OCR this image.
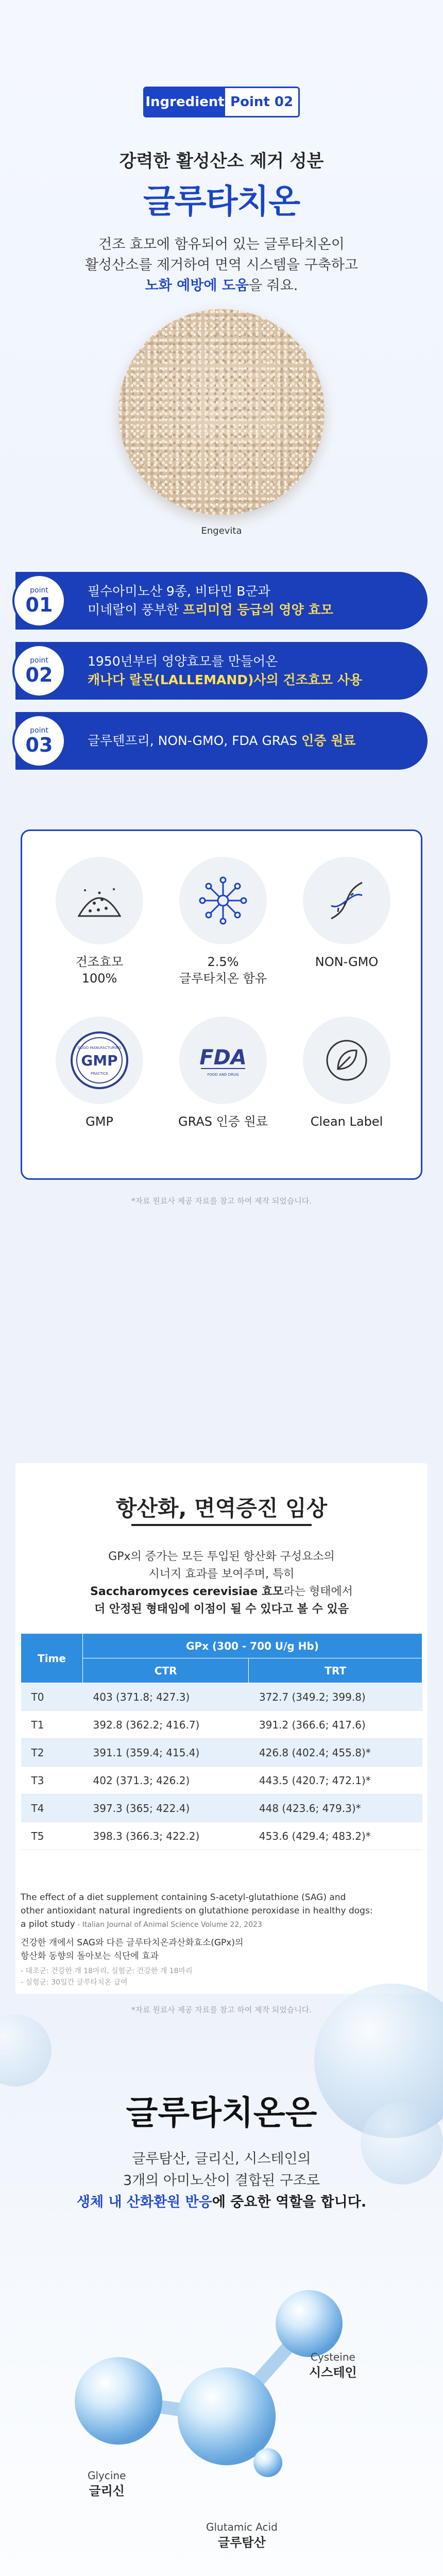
Ingredient Point 02
강력한 활성산소 제거 성분
글루타치온
건조 효모에 함유되어 있는 글루타치온이
활성산소를 제거하여 면역 시스템을 구축하고
노화 예방에 도움을 줘요.
Engevita
point
01
필수아미노산 9종, 비타민 B군과
미네랄이 풍부한 프리미엄 등급의 영양 효모
point
02
1950년부터 영양효모를 만들어온
캐나다 랄몬(LALLEMAND)사의 건조효모 사용
point
03	글루텐프리, NON-GMO, FDA GRAS 인증 원료
건조효모
100%
2.5%
글루타치온 함유
NON-GMO
GMP
GOOD MANUFACTURING
PRACTICE
GMP
FDA
FOOD AND DRUG
GRAS 인증 원료	Clean Label
*자료 원료사 제공 자료를 참고 하여 제작 되었습니다.
항산화, 면역증진 임상
GPx의 증가는 모든 투입된 항산화 구성요소의
시너지 효과를 보여주며, 특히
Saccharomyces cerevisiae 효모라는 형태에서
더 안정된 형태임에 이점이 될 수 있다고 볼 수 있음
Time	GPx (300 - 700 U/g Hb)	
	CTR	TRT
T0	403 (371.8; 427.3)	372.7 (349.2; 399.8)
T1	392.8 (362.2; 416.7)	391.2 (366.6; 417.6)
T2	391.1 (359.4; 415.4)	426.8 (402.4; 455.8)*
T3	402 (371.3; 426.2)	443.5 (420.7; 472.1)*
T4	397.3 (365; 422.4)	448 (423.6; 479.3)*
T5	398.3 (366.3; 422.2)	453.6 (429.4; 483.2)*
The effect of a diet supplement containing S-acetyl-glutathione (SAG) and
other antioxidant natural ingredients on glutathione peroxidase in healthy dogs:
a pilot study - Italian Journal of Animal Science Volume 22, 2023
건강한 개에서 SAG와 다른 글루타치온과산화효소(GPx)의
항산화 동향의 돌아보는 식단에 효과
- 대조군: 건강한 개 18마리, 실험군: 건강한 개 18마리
- 실험군: 30일간 글루타치온 급여
*자료 원료사 제공 자료를 참고 하여 제작 되었습니다.
글루타치온은
글루탐산, 글리신, 시스테인의
3개의 아미노산이 결합된 구조로
생체 내 산화환원 반응에 중요한 역할을 합니다.
Cysteine
시스테인
Glycine
글리신
Glutamic Acid
글루탐산
